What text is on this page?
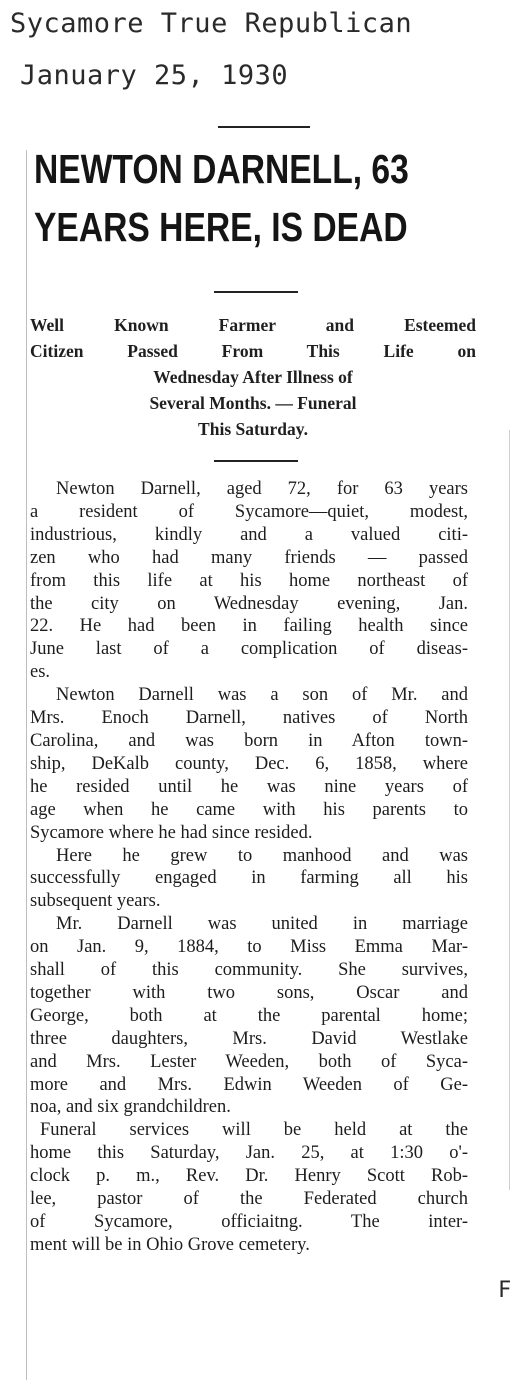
Sycamore True Republican
January 25, 1930
NEWTON DARNELL, 63
YEARS HERE, IS DEAD
Well Known Farmer and Esteemed
Citizen Passed From This Life on
Wednesday After Illness of
Several Months. — Funeral
This Saturday.
Newton Darnell, aged 72, for 63 years
a resident of Sycamore—quiet, modest,
industrious, kindly and a valued citi-
zen who had many friends — passed
from this life at his home northeast of
the city on Wednesday evening, Jan.
22. He had been in failing health since
June last of a complication of diseas-
es.
Newton Darnell was a son of Mr. and
Mrs. Enoch Darnell, natives of North
Carolina, and was born in Afton town-
ship, DeKalb county, Dec. 6, 1858, where
he resided until he was nine years of
age when he came with his parents to
Sycamore where he had since resided.
Here he grew to manhood and was
successfully engaged in farming all his
subsequent years.
Mr. Darnell was united in marriage
on Jan. 9, 1884, to Miss Emma Mar-
shall of this community. She survives,
together with two sons, Oscar and
George, both at the parental home;
three daughters, Mrs. David Westlake
and Mrs. Lester Weeden, both of Syca-
more and Mrs. Edwin Weeden of Ge-
noa, and six grandchildren.
Funeral services will be held at the
home this Saturday, Jan. 25, at 1:30 o'-
clock p. m., Rev. Dr. Henry Scott Rob-
lee, pastor of the Federated church
of Sycamore, officiaitng. The inter-
ment will be in Ohio Grove cemetery.
F
